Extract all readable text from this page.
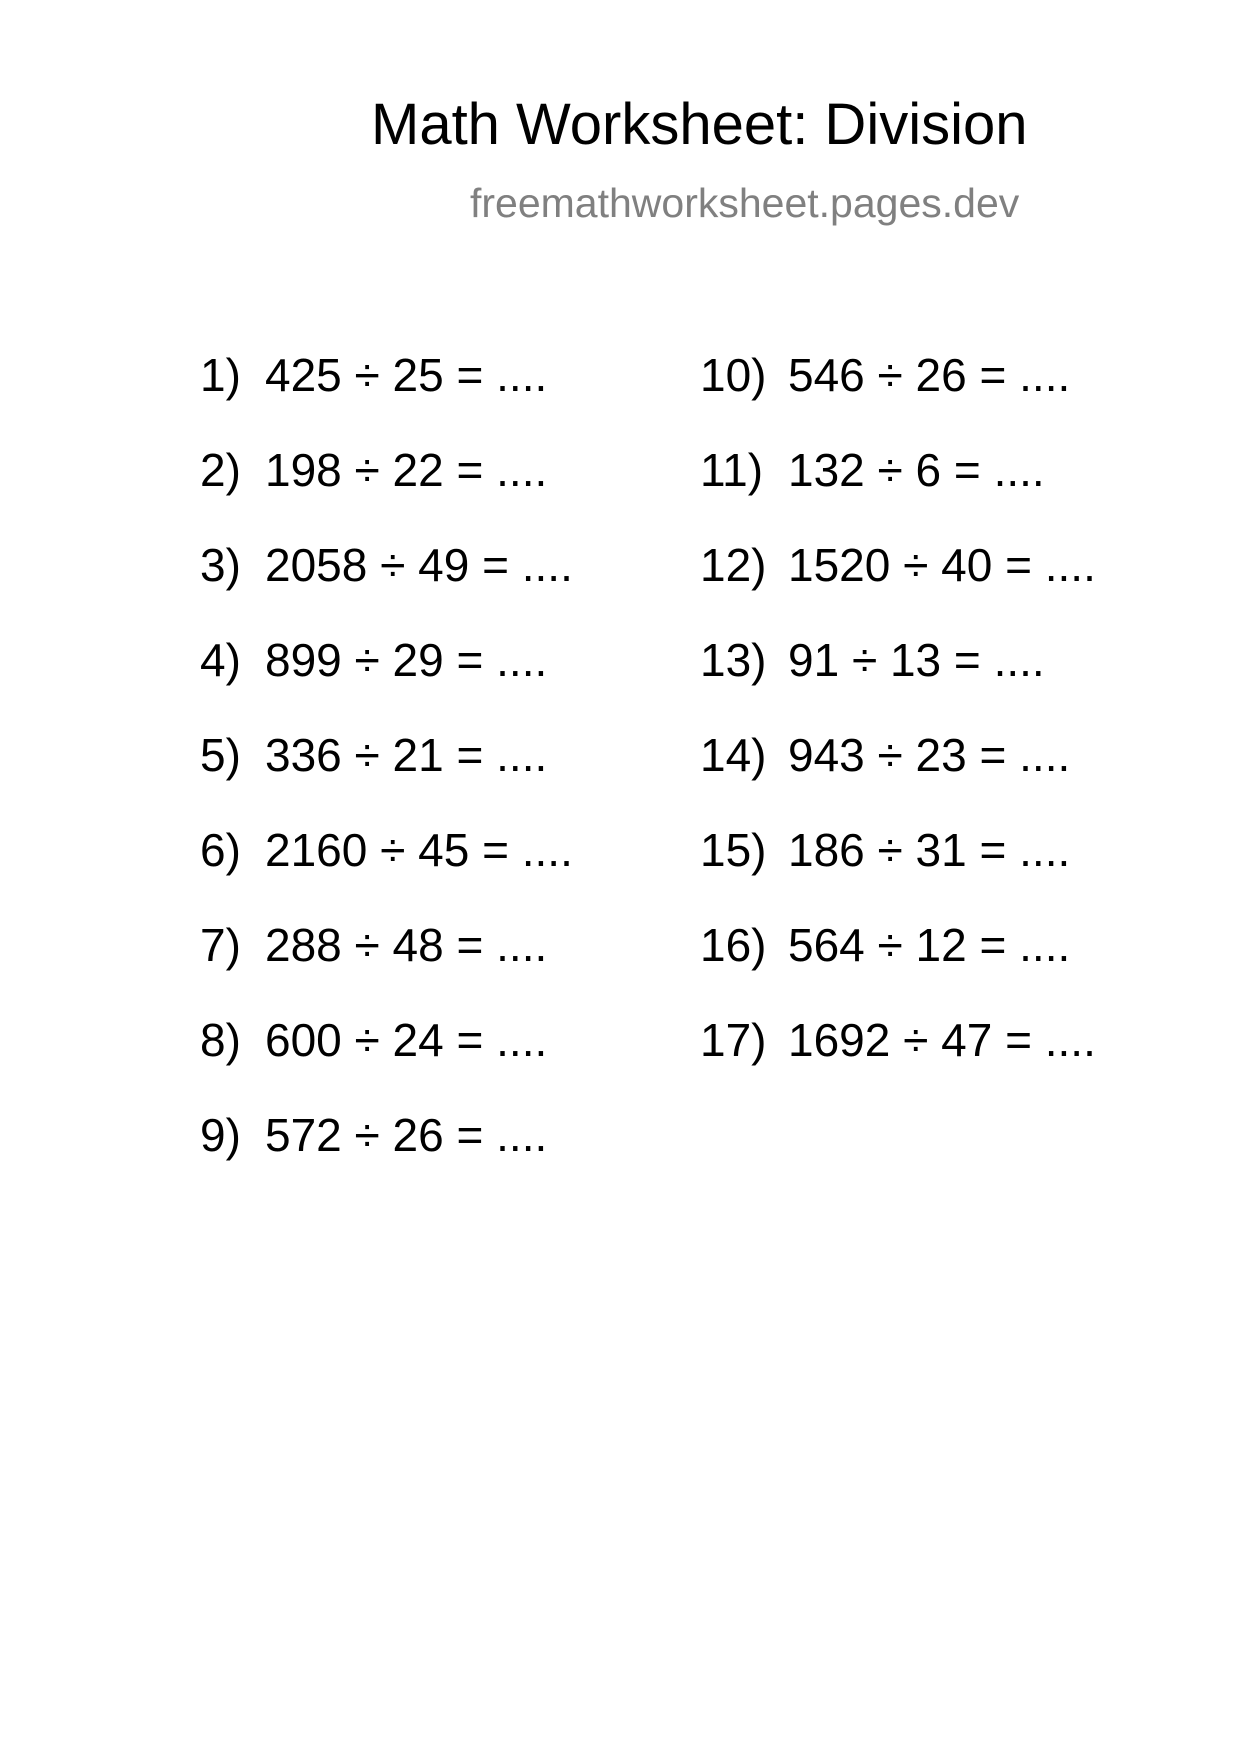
Math Worksheet: Division
freemathworksheet.pages.dev
1) 425 ÷ 25 = ....
2) 198 ÷ 22 = ....
3) 2058 ÷ 49 = ....
4) 899 ÷ 29 = ....
5) 336 ÷ 21 = ....
6) 2160 ÷ 45 = ....
7) 288 ÷ 48 = ....
8) 600 ÷ 24 = ....
9) 572 ÷ 26 = ....
10) 546 ÷ 26 = ....
11) 132 ÷ 6 = ....
12) 1520 ÷ 40 = ....
13) 91 ÷ 13 = ....
14) 943 ÷ 23 = ....
15) 186 ÷ 31 = ....
16) 564 ÷ 12 = ....
17) 1692 ÷ 47 = ....
